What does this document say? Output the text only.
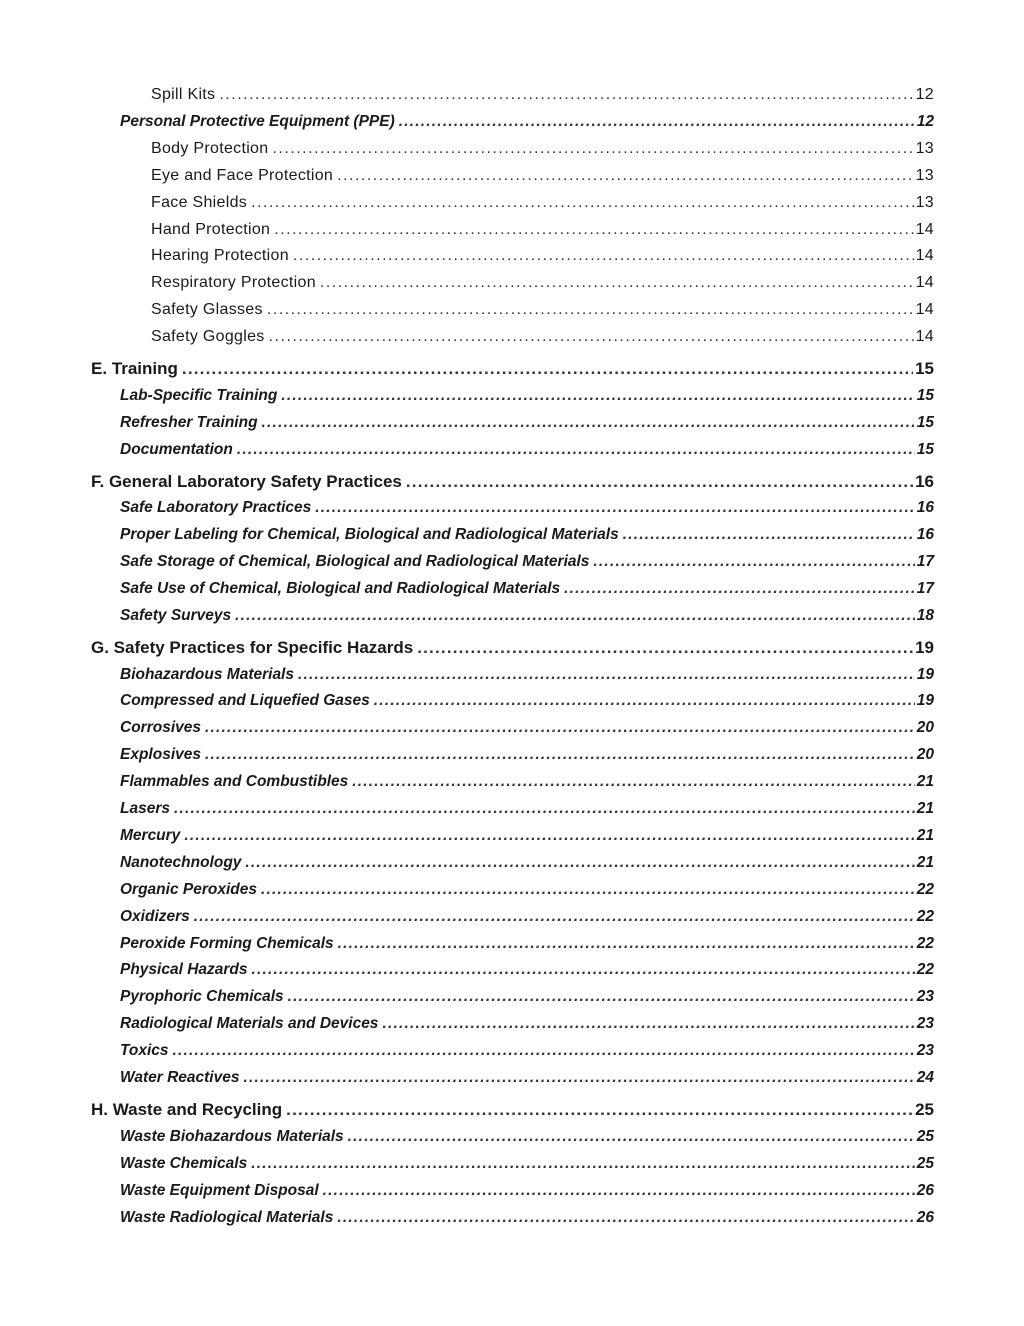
Spill Kits .....	12
Personal Protective Equipment (PPE) .....	12
Body Protection .....	13
Eye and Face Protection .....	13
Face Shields .....	13
Hand Protection .....	14
Hearing Protection .....	14
Respiratory Protection .....	14
Safety Glasses .....	14
Safety Goggles .....	14
E. Training .....	15
Lab-Specific Training .....	15
Refresher Training .....	15
Documentation .....	15
F. General Laboratory Safety Practices .....	16
Safe Laboratory Practices .....	16
Proper Labeling for Chemical, Biological and Radiological Materials .....	16
Safe Storage of Chemical, Biological and Radiological Materials .....	17
Safe Use of Chemical, Biological and Radiological Materials .....	17
Safety Surveys .....	18
G. Safety Practices for Specific Hazards .....	19
Biohazardous Materials .....	19
Compressed and Liquefied Gases .....	19
Corrosives .....	20
Explosives .....	20
Flammables and Combustibles .....	21
Lasers .....	21
Mercury .....	21
Nanotechnology .....	21
Organic Peroxides .....	22
Oxidizers .....	22
Peroxide Forming Chemicals .....	22
Physical Hazards .....	22
Pyrophoric Chemicals .....	23
Radiological Materials and Devices .....	23
Toxics .....	23
Water Reactives .....	24
H. Waste and Recycling .....	25
Waste Biohazardous Materials .....	25
Waste Chemicals .....	25
Waste Equipment Disposal .....	26
Waste Radiological Materials .....	26
